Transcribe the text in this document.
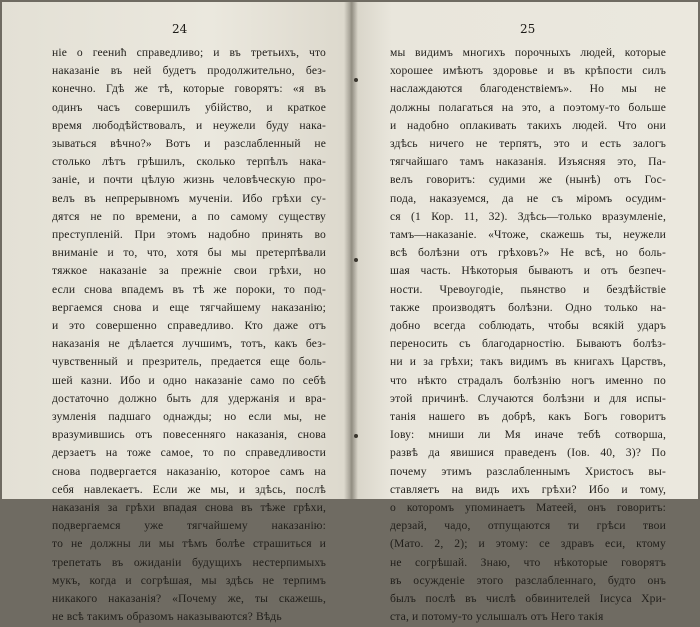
24
ніе о геенић справедливо; и въ третьихъ, что
наказаніе въ ней будетъ продолжительно, без-
конечно. Гдѣ же тѣ, которые говорятъ: «я въ
одинъ часъ совершилъ убійство, и краткое
время любодѣйствовалъ, и неужели буду нака-
зываться вѣчно?» Вотъ и разслабленный не
столько лѣтъ грѣшилъ, сколько терпѣлъ нака-
заніе, и почти цѣлую жизнь человѣческую про-
велъ въ непрерывномъ мученіи. Ибо грѣхи су-
дятся не по времени, а по самому существу
преступленій. При этомъ надобно принять во
вниманіе и то, что, хотя бы мы претерпѣвали
тяжкое наказаніе за прежніе свои грѣхи, но
если снова впадемъ въ тѣ же пороки, то под-
вергаемся снова и еще тягчайшему наказанію;
и это совершенно справедливо. Кто даже отъ
наказанія не дѣлается лучшимъ, тотъ, какъ без-
чувственный и презритель, предается еще боль-
шей казни. Ибо и одно наказаніе само по себѣ
достаточно должно быть для удержанія и вра-
зумленія падшаго однажды; но если мы, не
вразумившись отъ повесенняго наказанія, снова
дерзаетъ на тоже самое, то по справедливости
снова подвергается наказанію, которое самъ на
себя навлекаетъ. Если же мы, и здѣсь, послѣ
наказанія за грѣхи впадая снова въ тѣже грѣхи,
подвергаемся уже тягчайшему наказанію:
то не должны ли мы тѣмъ болѣе страшиться и
трепетать въ ожиданіи будущихъ нестерпимыхъ
мукъ, когда и согрѣшая, мы здѣсь не терпимъ
никакого наказанія? «Почему же, ты скажешь,
не всѣ такимъ образомъ наказываются? Вѣдь
25
мы видимъ многихъ порочныхъ людей, которые
хорошее имѣютъ здоровье и въ крѣпости силъ
наслаждаются благоденствіемъ». Но мы не
должны полагаться на это, а поэтому-то больше
и надобно оплакивать такихъ людей. Что они
здѣсь ничего не терпятъ, это и есть залогъ
тягчайшаго тамъ наказанія. Изъясняя это, Па-
велъ говоритъ: судими же (нынѣ) отъ Гос-
пода, наказуемся, да не съ міромъ осудим-
ся (1 Кор. 11, 32). Здѣсь—только вразумленіе,
тамъ—наказаніе. «Чтоже, скажешь ты, неужели
всѣ болѣзни отъ грѣховъ?» Не всѣ, но боль-
шая часть. Нѣкоторыя бываютъ и отъ безпеч-
ности. Чревоугодіе, пьянство и бездѣйствіе
также производятъ болѣзни. Одно только на-
добно всегда соблюдать, чтобы всякій ударъ
переносить съ благодарностію. Бываютъ болѣз-
ни и за грѣхи; такъ видимъ въ книгахъ Царствъ,
что нѣкто страдалъ болѣзнію ногъ именно по
этой причинѣ. Случаются болѣзни и для испы-
танія нашего въ добрѣ, какъ Богъ говоритъ
Іову: мниши ли Мя иначе тебѣ сотворша,
развѣ да явишися праведенъ (Іов. 40, 3)? По
почему этимъ разслабленнымъ Христосъ вы-
ставляетъ на видъ ихъ грѣхи? Ибо и тому,
о которомъ упоминаетъ Матеей, онъ говоритъ:
дерзай, чадо, отпущаются ти грѣси твои
(Мато. 2, 2); и этому: се здравъ еси, ктому
не согрѣшай. Знаю, что нѣкоторые говорятъ
въ осужденіе этого разслабленнаго, будто онъ
былъ послѣ въ числѣ обвинителей Іисуса Хри-
ста, и потому-то услышалъ отъ Него такія
